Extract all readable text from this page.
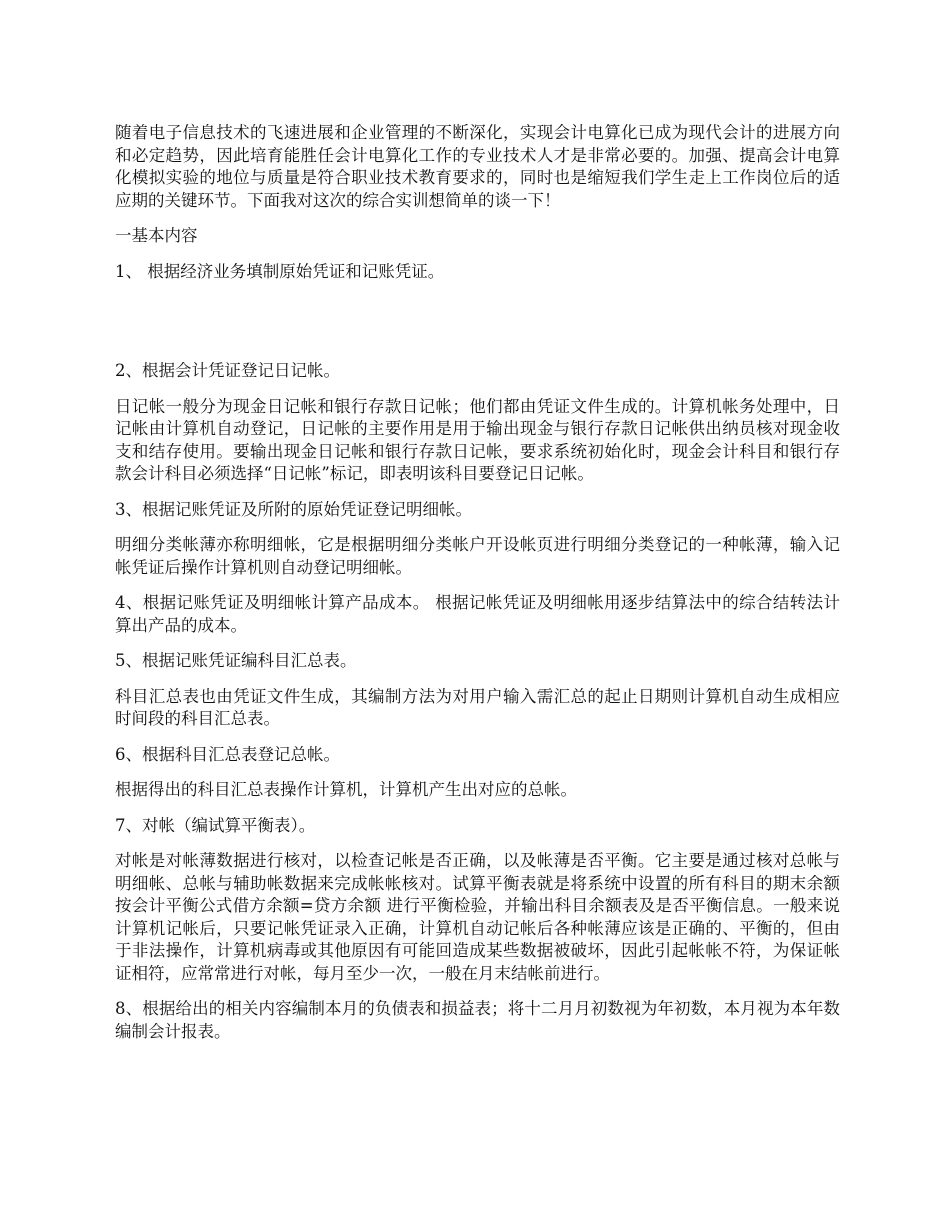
随着电子信息技术的飞速进展和企业管理的不断深化，实现会计电算化已成为现代会计的进展方向和必定趋势，因此培育能胜任会计电算化工作的专业技术人才是非常必要的。加强、提高会计电算化模拟实验的地位与质量是符合职业技术教育要求的，同时也是缩短我们学生走上工作岗位后的适应期的关键环节。下面我对这次的综合实训想简单的谈一下！

一基本内容

1、 根据经济业务填制原始凭证和记账凭证。

2、根据会计凭证登记日记帐。

日记帐一般分为现金日记帐和银行存款日记帐；他们都由凭证文件生成的。计算机帐务处理中，日记帐由计算机自动登记，日记帐的主要作用是用于输出现金与银行存款日记帐供出纳员核对现金收支和结存使用。要输出现金日记帐和银行存款日记帐，要求系统初始化时，现金会计科目和银行存款会计科目必须选择“日记帐”标记，即表明该科目要登记日记帐。

3、根据记账凭证及所附的原始凭证登记明细帐。

明细分类帐薄亦称明细帐，它是根据明细分类帐户开设帐页进行明细分类登记的一种帐薄，输入记帐凭证后操作计算机则自动登记明细帐。

4、根据记账凭证及明细帐计算产品成本。 根据记帐凭证及明细帐用逐步结算法中的综合结转法计算出产品的成本。

5、根据记账凭证编科目汇总表。

科目汇总表也由凭证文件生成，其编制方法为对用户输入需汇总的起止日期则计算机自动生成相应时间段的科目汇总表。

6、根据科目汇总表登记总帐。

根据得出的科目汇总表操作计算机，计算机产生出对应的总帐。

7、对帐（编试算平衡表）。

对帐是对帐薄数据进行核对，以检查记帐是否正确，以及帐薄是否平衡。它主要是通过核对总帐与明细帐、总帐与辅助帐数据来完成帐帐核对。试算平衡表就是将系统中设置的所有科目的期末余额按会计平衡公式借方余额=贷方余额 进行平衡检验，并输出科目余额表及是否平衡信息。一般来说计算机记帐后，只要记帐凭证录入正确，计算机自动记帐后各种帐薄应该是正确的、平衡的，但由于非法操作，计算机病毒或其他原因有可能回造成某些数据被破坏，因此引起帐帐不符，为保证帐证相符，应常常进行对帐，每月至少一次，一般在月末结帐前进行。

8、根据给出的相关内容编制本月的负债表和损益表；将十二月月初数视为年初数，本月视为本年数编制会计报表。
